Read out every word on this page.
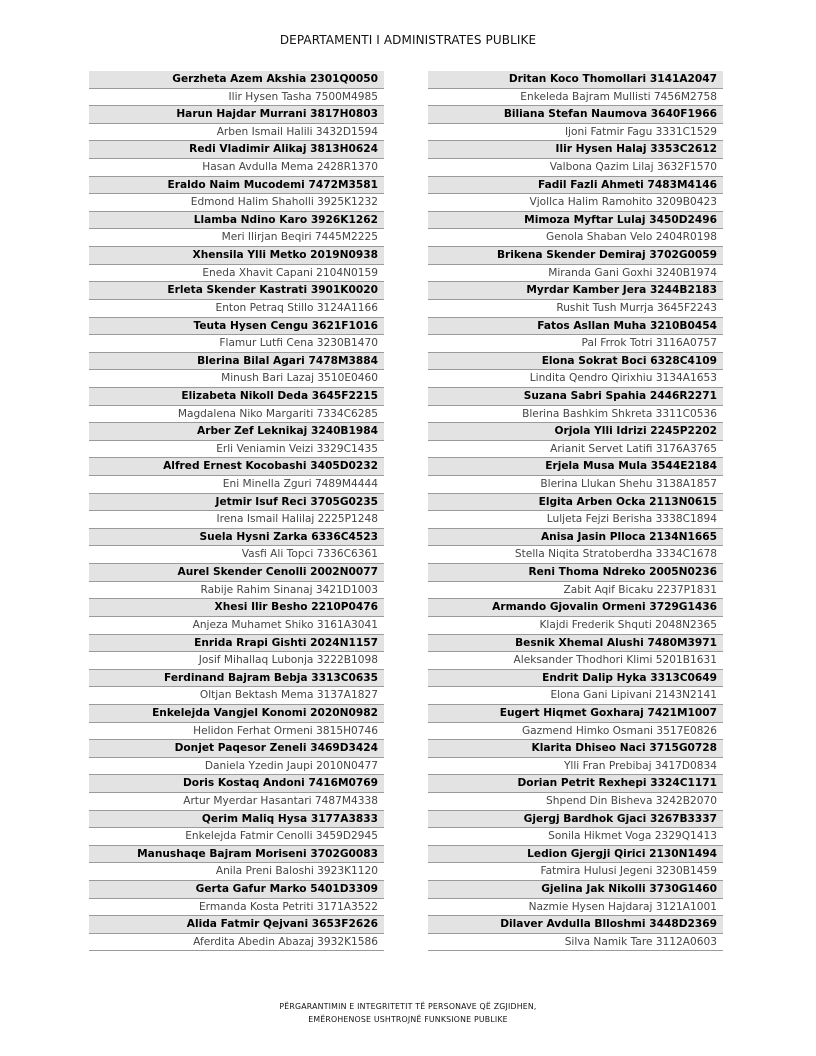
DEPARTAMENTI I ADMINISTRATES PUBLIKE
Gerzheta Azem Akshia 2301Q0050
Ilir Hysen Tasha 7500M4985
Harun Hajdar Murrani 3817H0803
Arben Ismail Halili 3432D1594
Redi Vladimir Alikaj 3813H0624
Hasan Avdulla Mema 2428R1370
Eraldo Naim Mucodemi 7472M3581
Edmond Halim Shaholli 3925K1232
Llamba Ndino Karo 3926K1262
Meri Ilirjan Beqiri 7445M2225
Xhensila Ylli Metko 2019N0938
Eneda Xhavit Capani 2104N0159
Erleta Skender Kastrati 3901K0020
Enton Petraq Stillo 3124A1166
Teuta Hysen Cengu 3621F1016
Flamur Lutfi Cena 3230B1470
Blerina Bilal Agari 7478M3884
Minush Bari Lazaj 3510E0460
Elizabeta Nikoll Deda 3645F2215
Magdalena Niko Margariti 7334C6285
Arber Zef Leknikaj 3240B1984
Erli Veniamin Veizi 3329C1435
Alfred Ernest Kocobashi 3405D0232
Eni Minella Zguri 7489M4444
Jetmir Isuf Reci 3705G0235
Irena Ismail Halilaj 2225P1248
Suela Hysni Zarka 6336C4523
Vasfi Ali Topci 7336C6361
Aurel Skender Cenolli 2002N0077
Rabije Rahim Sinanaj 3421D1003
Xhesi Ilir Besho 2210P0476
Anjeza Muhamet Shiko 3161A3041
Enrida Rrapi Gishti 2024N1157
Josif Mihallaq Lubonja 3222B1098
Ferdinand Bajram Bebja 3313C0635
Oltjan Bektash Mema 3137A1827
Enkelejda Vangjel Konomi 2020N0982
Helidon Ferhat Ormeni 3815H0746
Donjet Paqesor Zeneli 3469D3424
Daniela Yzedin Jaupi 2010N0477
Doris Kostaq Andoni 7416M0769
Artur Myerdar Hasantari 7487M4338
Qerim Maliq Hysa 3177A3833
Enkelejda Fatmir Cenolli 3459D2945
Manushaqe Bajram Moriseni 3702G0083
Anila Preni Baloshi 3923K1120
Gerta Gafur Marko 5401D3309
Ermanda Kosta Petriti 3171A3522
Alida Fatmir Qejvani 3653F2626
Aferdita Abedin Abazaj 3932K1586
Dritan Koco Thomollari 3141A2047
Enkeleda Bajram Mullisti 7456M2758
Biliana Stefan Naumova 3640F1966
Ijoni Fatmir Fagu 3331C1529
Ilir Hysen Halaj 3353C2612
Valbona Qazim Lilaj 3632F1570
Fadil Fazli Ahmeti 7483M4146
Vjollca Halim Ramohito 3209B0423
Mimoza Myftar Lulaj 3450D2496
Genola Shaban Velo 2404R0198
Brikena Skender Demiraj 3702G0059
Miranda Gani Goxhi 3240B1974
Myrdar Kamber Jera 3244B2183
Rushit Tush Murrja 3645F2243
Fatos Asllan Muha 3210B0454
Pal Frrok Totri 3116A0757
Elona Sokrat Boci 6328C4109
Lindita Qendro Qirixhiu 3134A1653
Suzana Sabri Spahia 2446R2271
Blerina Bashkim Shkreta 3311C0536
Orjola Ylli Idrizi 2245P2202
Arianit Servet Latifi 3176A3765
Erjela Musa Mula 3544E2184
Blerina Llukan Shehu 3138A1857
Elgita Arben Ocka 2113N0615
Luljeta Fejzi Berisha 3338C1894
Anisa Jasin Plloca 2134N1665
Stella Niqita Stratoberdha 3334C1678
Reni Thoma Ndreko 2005N0236
Zabit Aqif Bicaku 2237P1831
Armando Gjovalin Ormeni 3729G1436
Klajdi Frederik Shquti 2048N2365
Besnik Xhemal Alushi 7480M3971
Aleksander Thodhori Klimi 5201B1631
Endrit Dalip Hyka 3313C0649
Elona Gani Lipivani 2143N2141
Eugert Hiqmet Goxharaj 7421M1007
Gazmend Himko Osmani 3517E0826
Klarita Dhiseo Naci 3715G0728
Ylli Fran Prebibaj 3417D0834
Dorian Petrit Rexhepi 3324C1171
Shpend Din Bisheva 3242B2070
Gjergj Bardhok Gjaci 3267B3337
Sonila Hikmet Voga 2329Q1413
Ledion Gjergji Qirici 2130N1494
Fatmira Hulusi Jegeni 3230B1459
Gjelina Jak Nikolli 3730G1460
Nazmie Hysen Hajdaraj 3121A1001
Dilaver Avdulla Blloshmi 3448D2369
Silva Namik Tare 3112A0603
PËRGARANTIMIN E INTEGRITETIT TË PERSONAVE QË ZGJIDHEN,
EMËROHENOSE USHTROJNË FUNKSIONE PUBLIKE
